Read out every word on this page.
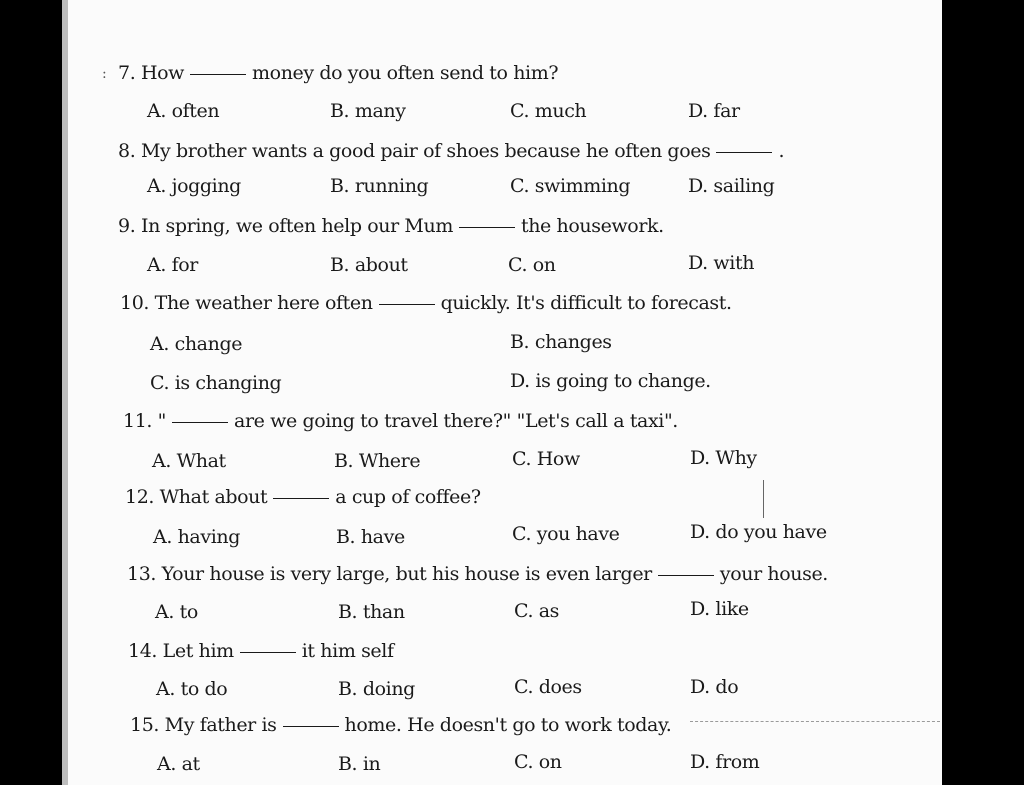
: 7. How	money do you often send to him?
A. often	B. many	C. much	D. far
8. My brother wants a good pair of shoes because he often goes	.
A. jogging	B. running	C. swimming	D. sailing
9. In spring, we often help our Mum	the housework.
A. for	B. about	C. on	D. with
10. The weather here often	quickly. It's difficult to forecast.
A. change	B. changes
C. is changing	D. is going to change.
11. "	are we going to travel there?" "Let's call a taxi".
A. What	B. Where	C. How	D. Why
12. What about	a cup of coffee?
A. having	B. have	C. you have	D. do you have
13. Your house is very large, but his house is even larger	your house.
A. to	B. than	C. as	D. like
14. Let him	it him self
A. to do	B. doing	C. does	D. do
15. My father is	home. He doesn't go to work today.
A. at	B. in	C. on	D. from
